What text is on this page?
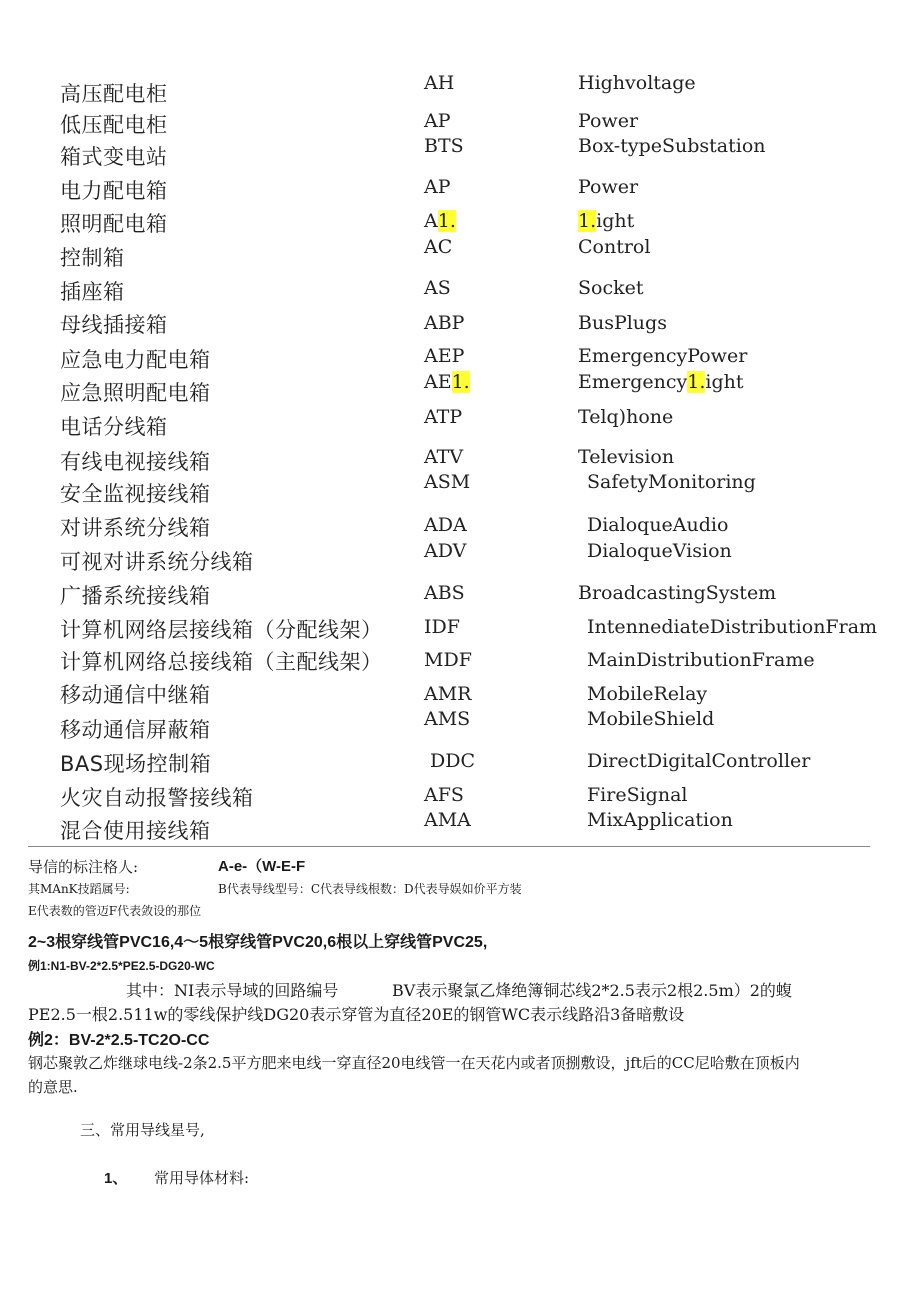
高压配电柜	AH	Highvoltage
低压配电柜	AP	Power
箱式变电站	BTS	Box-typeSubstation
电力配电箱	AP	Power
照明配电箱	A1.	1.ight
控制箱	AC	Control
插座箱	AS	Socket
母线插接箱	ABP	BusPlugs
应急电力配电箱	AEP	EmergencyPower
应急照明配电箱	AE1.	Emergency1.ight
电话分线箱	ATP	Telq)hone
有线电视接线箱	ATV	Television
安全监视接线箱	ASM	SafetyMonitoring
对讲系统分线箱	ADA	DialoqueAudio
可视对讲系统分线箱	ADV	DialoqueVision
广播系统接线箱	ABS	BroadcastingSystem
计算机网络层接线箱（分配线架） IDF	IntennediateDistributionFram
计算机网络总接线箱（主配线架） MDF	MainDistributionFrame
移动通信中继箱	AMR	MobileRelay
移动通信屏蔽箱	AMS	MobileShield
BAS现场控制箱	DDC	DirectDigitalController
火灾自动报警接线箱	AFS	FireSignal
混合使用接线箱	AMA	MixApplication
导信的标注格人:	A-e-（W-E-F
其MAnK技蹈属号:	B代表导线型号：C代表导线根数：D代表导娱如价平方装
E代表数的管迈F代表敛设的那位
2~3根穿线管PVC16,4～5根穿线管PVC20,6根以上穿线管PVC25,
例1:N1-BV-2*2.5*PE2.5-DG20-WC
其中：NI表示导域的回路编号	BV表示聚氯乙烽绝簿铜芯线2*2.5表示2根2.5m）2的蝮
PE2.5一根2.511w的零线保护线DG20表示穿管为直径20E的钢管WC表示线路沿3备暗敷设
例2：BV-2*2.5-TC2O-CC
钢芯聚敦乙炸继球电线-2条2.5平方肥来电线一穿直径20电线管一在天花内或者顶捌敷设，jft后的CC尼哈敷在顶板内
的意思.
三、常用导线星号,
1、 常用导体材料:
